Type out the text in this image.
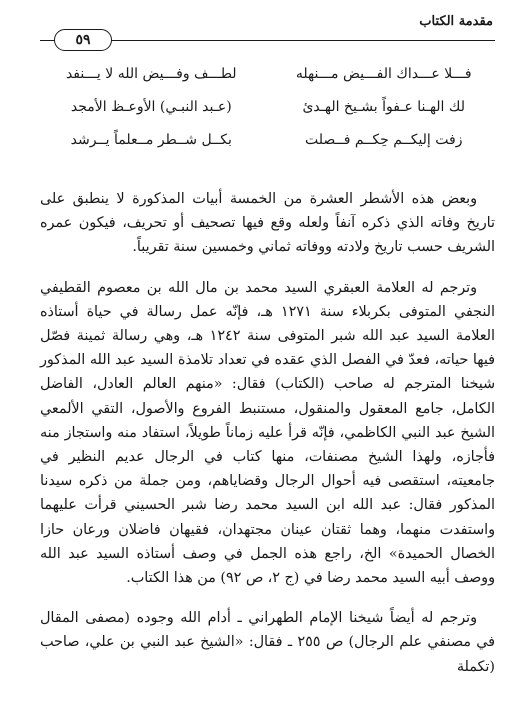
مقدمة الكتاب
٥٩
فـــلا عـــداك الفـــيض مـــنهله
لطـــف وفـــيض الله لا يـــنفد
لك الهـنا عـفواً بشـيخ الهـدئ
(عـبد النبـي) الأوعـظ الأمجد
زفت إليكــم حِكــم فــصلت
بكــل شــطر مــعلماً يــرشد

وبعض هذه الأشطر العشرة من الخمسة أبيات المذكورة لا ينطبق على تاريخ وفاته الذي ذكره آنفاً ولعله وقع فيها تصحيف أو تحريف، فيكون عمره الشريف حسب تاريخ ولادته ووفاته ثماني وخمسين سنة تقريباً.

وترجم له العلامة العبقري السيد محمد بن مال الله بن معصوم القطيفي النجفي المتوفى بكربلاء سنة ١٢٧١ هـ، فإنّه عمل رسالة في حياة أستاذه العلامة السيد عبد الله شبر المتوفى سنة ١٢٤٢ هـ، وهي رسالة ثمينة فصّل فيها حياته، فعدّ في الفصل الذي عقده في تعداد تلامذة السيد عبد الله المذكور شيخنا المترجم له صاحب (الكتاب) فقال: «منهم العالم العادل، الفاضل الكامل، جامع المعقول والمنقول، مستنبط الفروع والأصول، التقي الألمعي الشيخ عبد النبي الكاظمي، فإنّه قرأ عليه زماناً طويلاً، استفاد منه واستجاز منه فأجازه، ولهذا الشيخ مصنفات، منها كتاب في الرجال عديم النظير في جامعيته، استقصى فيه أحوال الرجال وقضاياهم، ومن جملة من ذكره سيدنا المذكور فقال: عبد الله ابن السيد محمد رضا شبر الحسيني قرأت عليهما واستفدت منهما، وهما ثقتان عينان مجتهدان، فقيهان فاضلان ورعان حازا الخصال الحميدة» الخ، راجع هذه الجمل في وصف أستاذه السيد عبد الله ووصف أبيه السيد محمد رضا في (ج ٢، ص ٩٢) من هذا الكتاب.

وترجم له أيضاً شيخنا الإمام الطهراني ـ أدام الله وجوده (مصفى المقال في مصنفي علم الرجال) ص ٢٥٥ ـ فقال: «الشيخ عبد النبي بن علي، صاحب (تكملة
